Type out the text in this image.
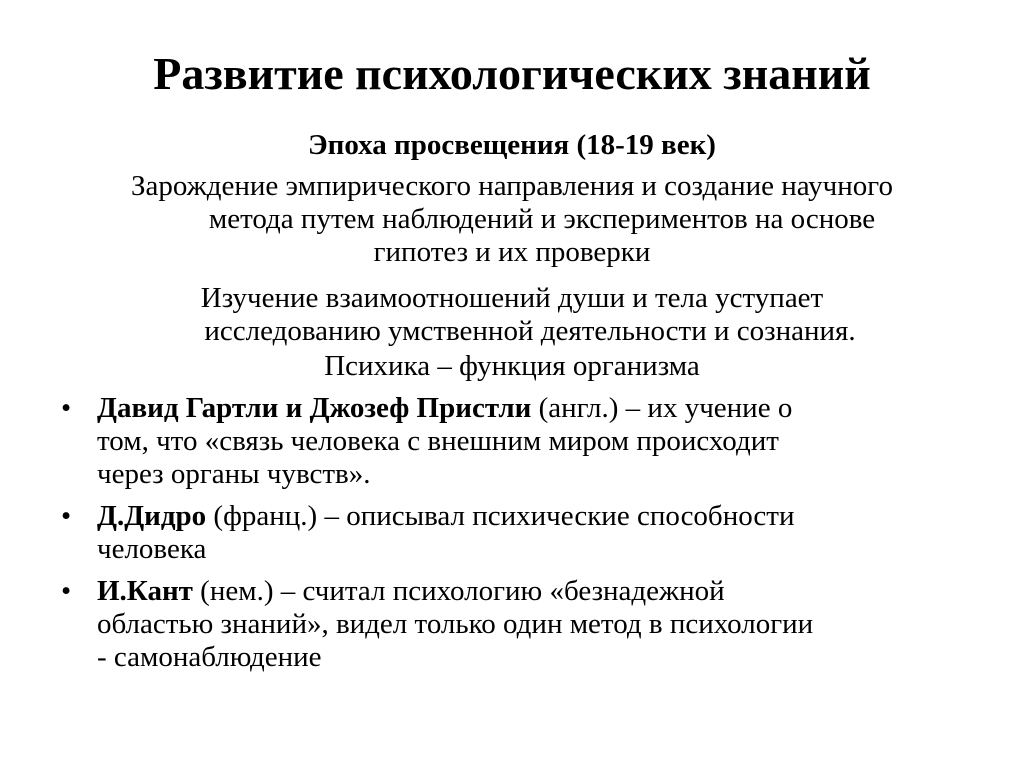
Развитие психологических знаний
Эпоха просвещения (18-19 век)
Зарождение эмпирического направления и создание научного
метода путем наблюдений и экспериментов на основе
гипотез и их проверки
Изучение взаимоотношений души и тела уступает
исследованию умственной деятельности и сознания.
Психика – функция организма
• Давид Гартли и Джозеф Пристли (англ.) – их учение о
том, что «связь человека с внешним миром происходит
через органы чувств».
• Д.Дидро (франц.) – описывал психические способности
человека
• И.Кант (нем.) – считал психологию «безнадежной
областью знаний», видел только один метод в психологии
- самонаблюдение
